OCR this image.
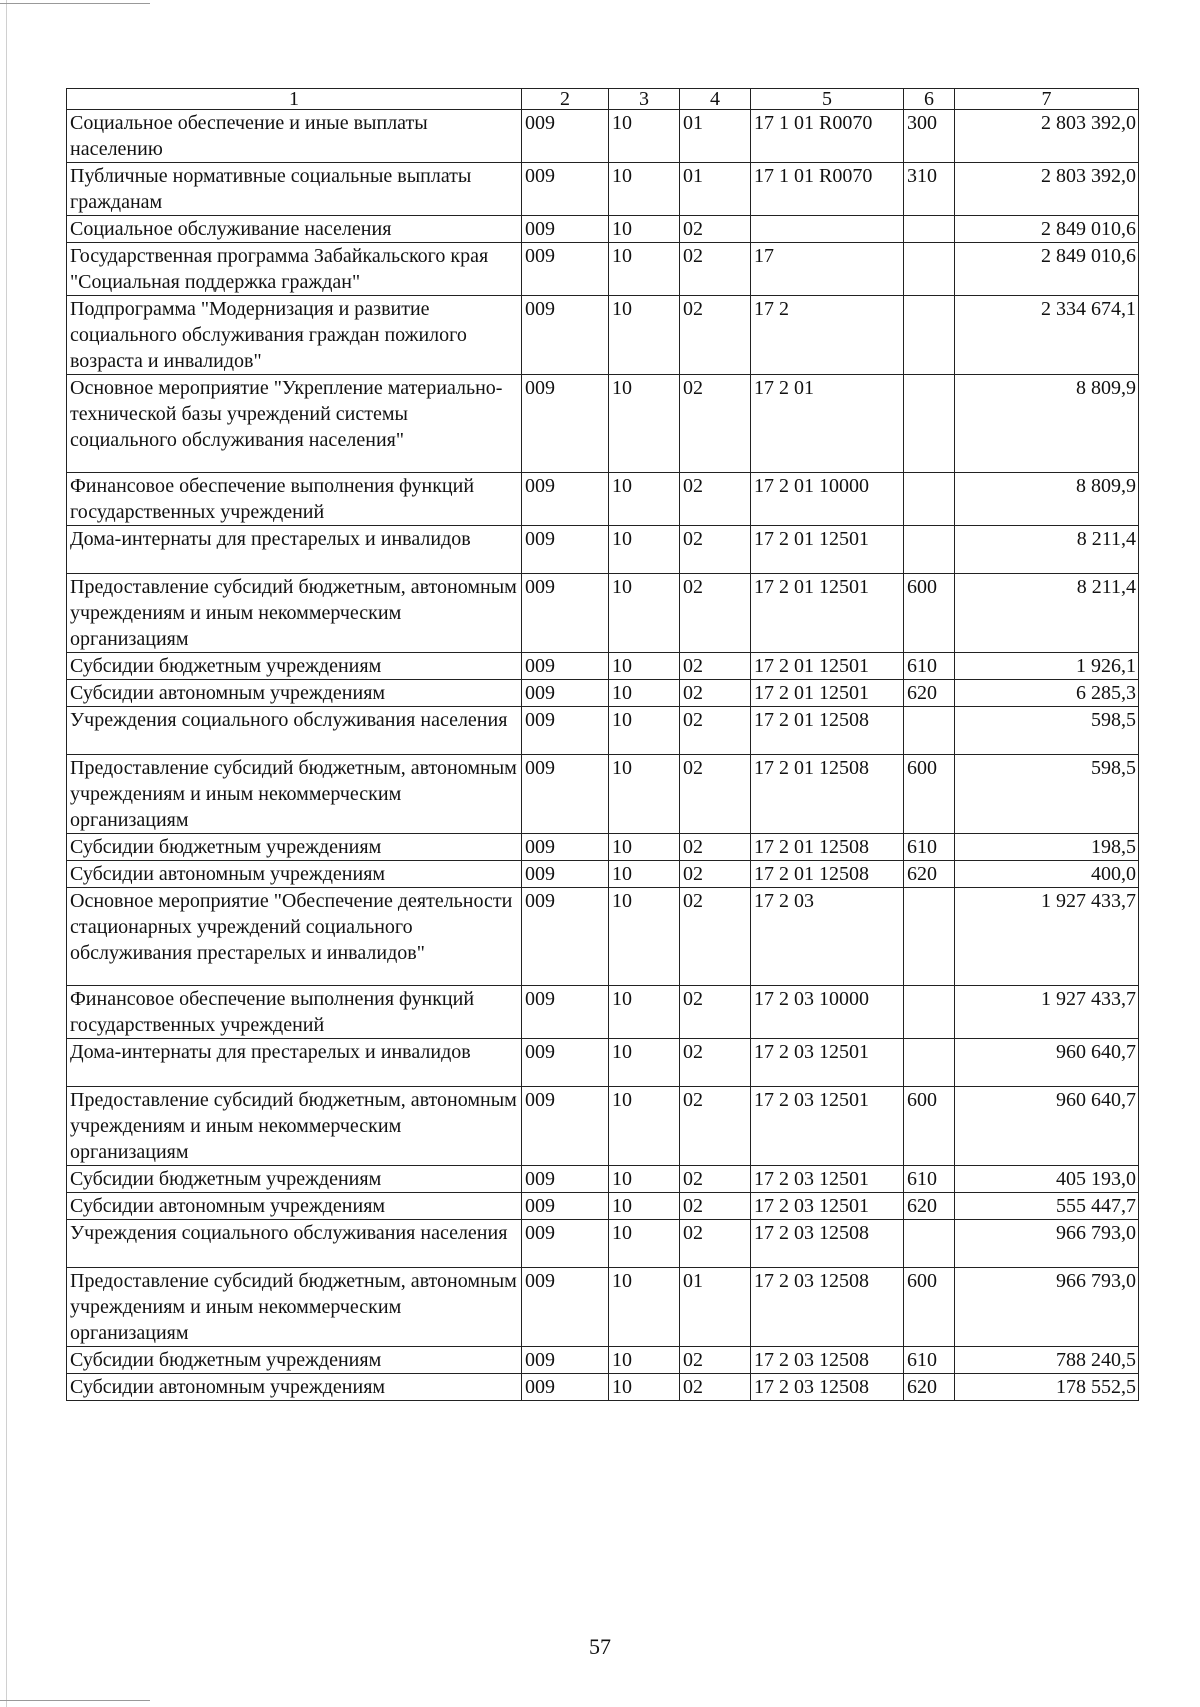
1	2	3	4	5	6	7
Социальное обеспечение и иные выплаты населению	009	10	01	17 1 01 R0070	300	2 803 392,0
Публичные нормативные социальные выплаты гражданам	009	10	01	17 1 01 R0070	310	2 803 392,0
Социальное обслуживание населения	009	10	02			2 849 010,6
Государственная программа Забайкальского края "Социальная поддержка граждан"	009	10	02	17		2 849 010,6
Подпрограмма "Модернизация и развитие социального обслуживания граждан пожилого возраста и инвалидов"	009	10	02	17 2		2 334 674,1
Основное мероприятие "Укрепление материально-технической базы учреждений системы социального обслуживания населения"	009	10	02	17 2 01		8 809,9
Финансовое обеспечение выполнения функций государственных учреждений	009	10	02	17 2 01 10000		8 809,9
Дома-интернаты для престарелых и инвалидов	009	10	02	17 2 01 12501		8 211,4
Предоставление субсидий бюджетным, автономным учреждениям и иным некоммерческим организациям	009	10	02	17 2 01 12501	600	8 211,4
Субсидии бюджетным учреждениям	009	10	02	17 2 01 12501	610	1 926,1
Субсидии автономным учреждениям	009	10	02	17 2 01 12501	620	6 285,3
Учреждения социального обслуживания населения	009	10	02	17 2 01 12508		598,5
Предоставление субсидий бюджетным, автономным учреждениям и иным некоммерческим организациям	009	10	02	17 2 01 12508	600	598,5
Субсидии бюджетным учреждениям	009	10	02	17 2 01 12508	610	198,5
Субсидии автономным учреждениям	009	10	02	17 2 01 12508	620	400,0
Основное мероприятие "Обеспечение деятельности стационарных учреждений социального обслуживания престарелых и инвалидов"	009	10	02	17 2 03		1 927 433,7
Финансовое обеспечение выполнения функций государственных учреждений	009	10	02	17 2 03 10000		1 927 433,7
Дома-интернаты для престарелых и инвалидов	009	10	02	17 2 03 12501		960 640,7
Предоставление субсидий бюджетным, автономным учреждениям и иным некоммерческим организациям	009	10	02	17 2 03 12501	600	960 640,7
Субсидии бюджетным учреждениям	009	10	02	17 2 03 12501	610	405 193,0
Субсидии автономным учреждениям	009	10	02	17 2 03 12501	620	555 447,7
Учреждения социального обслуживания населения	009	10	02	17 2 03 12508		966 793,0
Предоставление субсидий бюджетным, автономным учреждениям и иным некоммерческим организациям	009	10	01	17 2 03 12508	600	966 793,0
Субсидии бюджетным учреждениям	009	10	02	17 2 03 12508	610	788 240,5
Субсидии автономным учреждениям	009	10	02	17 2 03 12508	620	178 552,5
57
